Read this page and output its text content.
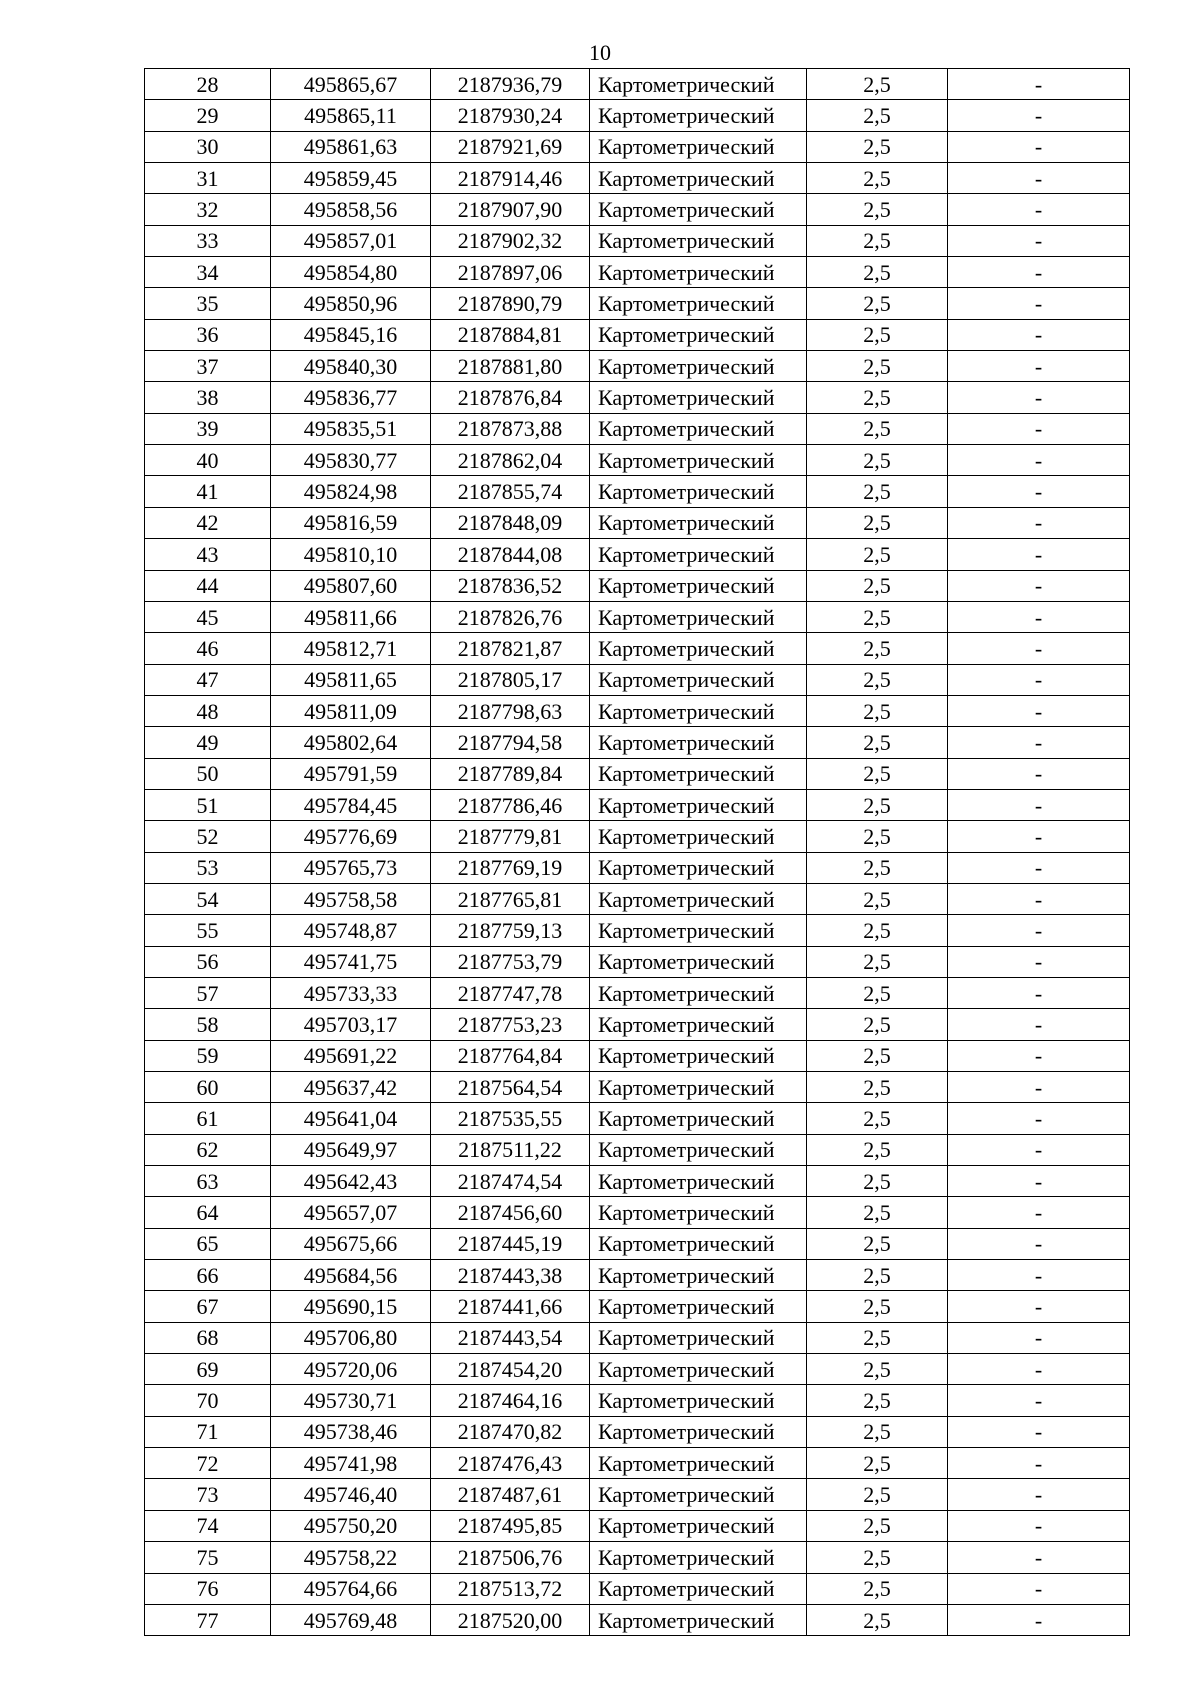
10
28	495865,67	2187936,79	Картометрический	2,5	-
29	495865,11	2187930,24	Картометрический	2,5	-
30	495861,63	2187921,69	Картометрический	2,5	-
31	495859,45	2187914,46	Картометрический	2,5	-
32	495858,56	2187907,90	Картометрический	2,5	-
33	495857,01	2187902,32	Картометрический	2,5	-
34	495854,80	2187897,06	Картометрический	2,5	-
35	495850,96	2187890,79	Картометрический	2,5	-
36	495845,16	2187884,81	Картометрический	2,5	-
37	495840,30	2187881,80	Картометрический	2,5	-
38	495836,77	2187876,84	Картометрический	2,5	-
39	495835,51	2187873,88	Картометрический	2,5	-
40	495830,77	2187862,04	Картометрический	2,5	-
41	495824,98	2187855,74	Картометрический	2,5	-
42	495816,59	2187848,09	Картометрический	2,5	-
43	495810,10	2187844,08	Картометрический	2,5	-
44	495807,60	2187836,52	Картометрический	2,5	-
45	495811,66	2187826,76	Картометрический	2,5	-
46	495812,71	2187821,87	Картометрический	2,5	-
47	495811,65	2187805,17	Картометрический	2,5	-
48	495811,09	2187798,63	Картометрический	2,5	-
49	495802,64	2187794,58	Картометрический	2,5	-
50	495791,59	2187789,84	Картометрический	2,5	-
51	495784,45	2187786,46	Картометрический	2,5	-
52	495776,69	2187779,81	Картометрический	2,5	-
53	495765,73	2187769,19	Картометрический	2,5	-
54	495758,58	2187765,81	Картометрический	2,5	-
55	495748,87	2187759,13	Картометрический	2,5	-
56	495741,75	2187753,79	Картометрический	2,5	-
57	495733,33	2187747,78	Картометрический	2,5	-
58	495703,17	2187753,23	Картометрический	2,5	-
59	495691,22	2187764,84	Картометрический	2,5	-
60	495637,42	2187564,54	Картометрический	2,5	-
61	495641,04	2187535,55	Картометрический	2,5	-
62	495649,97	2187511,22	Картометрический	2,5	-
63	495642,43	2187474,54	Картометрический	2,5	-
64	495657,07	2187456,60	Картометрический	2,5	-
65	495675,66	2187445,19	Картометрический	2,5	-
66	495684,56	2187443,38	Картометрический	2,5	-
67	495690,15	2187441,66	Картометрический	2,5	-
68	495706,80	2187443,54	Картометрический	2,5	-
69	495720,06	2187454,20	Картометрический	2,5	-
70	495730,71	2187464,16	Картометрический	2,5	-
71	495738,46	2187470,82	Картометрический	2,5	-
72	495741,98	2187476,43	Картометрический	2,5	-
73	495746,40	2187487,61	Картометрический	2,5	-
74	495750,20	2187495,85	Картометрический	2,5	-
75	495758,22	2187506,76	Картометрический	2,5	-
76	495764,66	2187513,72	Картометрический	2,5	-
77	495769,48	2187520,00	Картометрический	2,5	-
